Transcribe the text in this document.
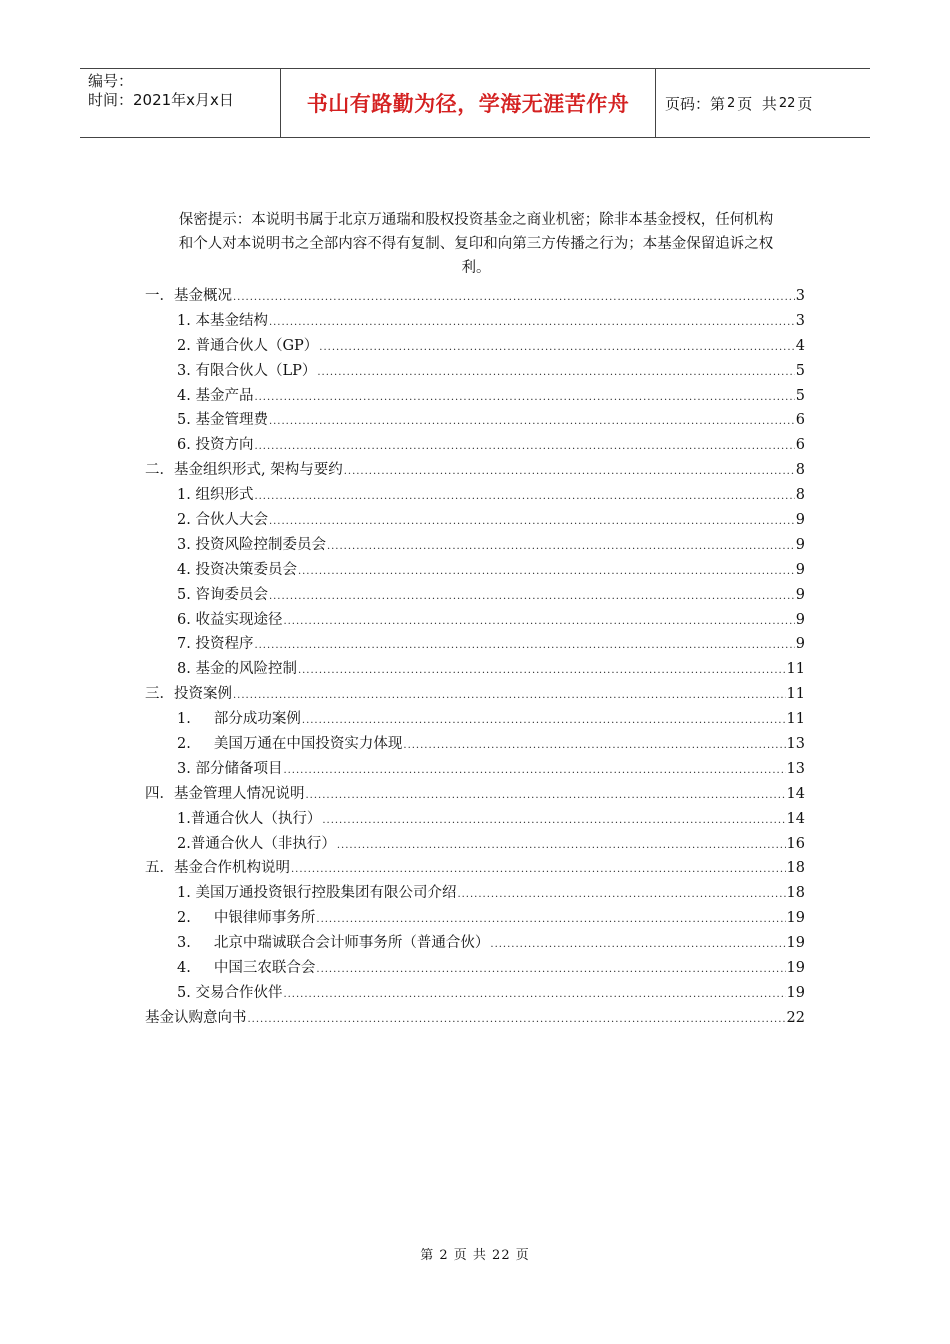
编号：
时间：2021年x月x日	书山有路勤为径，学海无涯苦作舟	页码：第 2 页  共 22 页
保密提示：本说明书属于北京万通瑞和股权投资基金之商业机密；除非本基金授权，任何机构
和个人对本说明书之全部内容不得有复制、复印和向第三方传播之行为；本基金保留追诉之权
利。
一．基金概况 .....	3
1. 本基金结构 .....	3
2. 普通合伙人（GP） .....	4
3. 有限合伙人（LP） .....	5
4. 基金产品 .....	5
5. 基金管理费 .....	6
6. 投资方向 .....	6
二．基金组织形式, 架构与要约 .....	8
1. 组织形式 .....	8
2. 合伙人大会 .....	9
3. 投资风险控制委员会 .....	9
4. 投资决策委员会 .....	9
5. 咨询委员会 .....	9
6. 收益实现途径 .....	9
7. 投资程序 .....	9
8. 基金的风险控制 .....	11
三．投资案例 .....	11
1.     部分成功案例 .....	11
2.     美国万通在中国投资实力体现 .....	13
3. 部分储备项目 .....	13
四．基金管理人情况说明 .....	14
1.普通合伙人（执行） .....	14
2.普通合伙人（非执行） .....	16
五．基金合作机构说明 .....	18
1. 美国万通投资银行控股集团有限公司介绍 .....	18
2.     中银律师事务所 .....	19
3.     北京中瑞诚联合会计师事务所（普通合伙） .....	19
4.     中国三农联合会 .....	19
5. 交易合作伙伴 .....	19
基金认购意向书 .....	22
第 2 页 共 22 页
